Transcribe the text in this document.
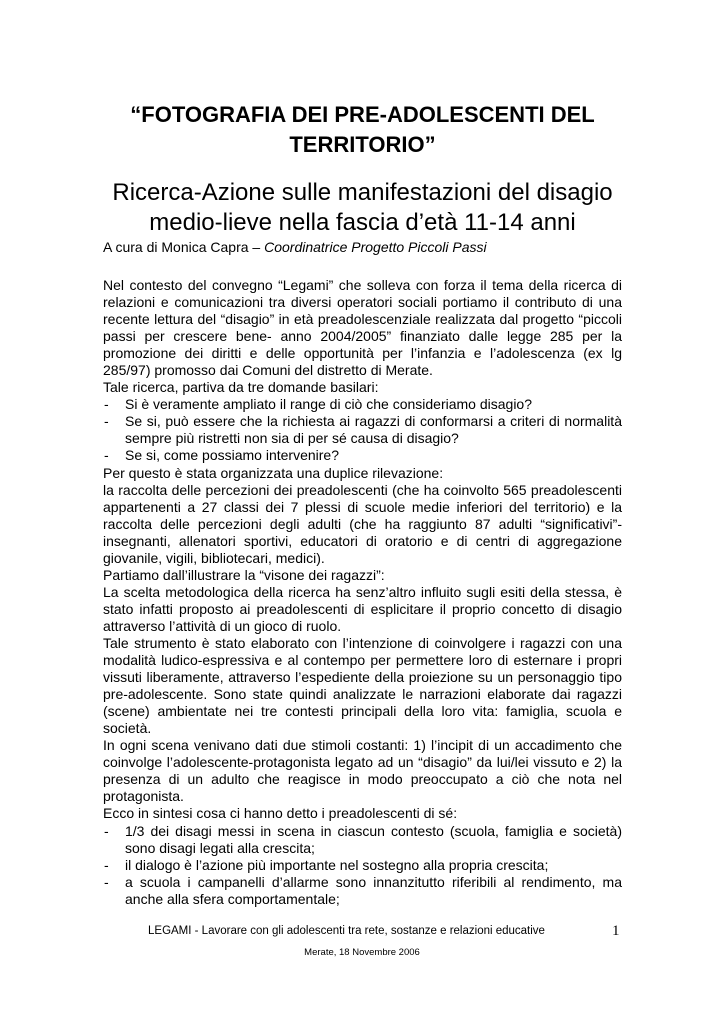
“FOTOGRAFIA DEI PRE-ADOLESCENTI DEL TERRITORIO”
Ricerca-Azione sulle manifestazioni del disagio medio-lieve nella fascia d’età 11-14 anni

A cura di Monica Capra – Coordinatrice Progetto Piccoli Passi

Nel contesto del convegno “Legami” che solleva con forza il tema della ricerca di relazioni e comunicazioni tra diversi operatori sociali portiamo il contributo di una recente lettura del “disagio” in età preadolescenziale realizzata dal progetto “piccoli passi per crescere bene- anno 2004/2005” finanziato dalle legge 285 per la promozione dei diritti e delle opportunità per l’infanzia e l’adolescenza (ex lg 285/97) promosso dai Comuni del distretto di Merate.

Tale ricerca, partiva da tre domande basilari:

- Si è veramente ampliato il range di ciò che consideriamo disagio?
- Se si, può essere che la richiesta ai ragazzi di conformarsi a criteri di normalità sempre più ristretti non sia di per sé causa di disagio?
- Se si, come possiamo intervenire?

Per questo è stata organizzata una duplice rilevazione:

la raccolta delle percezioni dei preadolescenti (che ha coinvolto 565 preadolescenti appartenenti a 27 classi dei 7 plessi di scuole medie inferiori del territorio) e la raccolta delle percezioni degli adulti (che ha raggiunto 87 adulti “significativi”- insegnanti, allenatori sportivi, educatori di oratorio e di centri di aggregazione giovanile, vigili, bibliotecari, medici).

Partiamo dall’illustrare la “visone dei ragazzi”:

La scelta metodologica della ricerca ha senz’altro influito sugli esiti della stessa, è stato infatti proposto ai preadolescenti di esplicitare il proprio concetto di disagio attraverso l’attività di un gioco di ruolo.

Tale strumento è stato elaborato con l’intenzione di coinvolgere i ragazzi con una modalità ludico-espressiva e al contempo per permettere loro di esternare i propri vissuti liberamente, attraverso l’espediente della proiezione su un personaggio tipo pre-adolescente. Sono state quindi analizzate le narrazioni elaborate dai ragazzi (scene) ambientate nei tre contesti principali della loro vita: famiglia, scuola e società.

In ogni scena venivano dati due stimoli costanti: 1) l’incipit di un accadimento che coinvolge l’adolescente-protagonista legato ad un “disagio” da lui/lei vissuto e 2) la presenza di un adulto che reagisce in modo preoccupato a ciò che nota nel protagonista.

Ecco in sintesi cosa ci hanno detto i preadolescenti di sé:

- 1/3 dei disagi messi in scena in ciascun contesto (scuola, famiglia e società) sono disagi legati alla crescita;
- il dialogo è l’azione più importante nel sostegno alla propria crescita;
- a scuola i campanelli d’allarme sono innanzitutto riferibili al rendimento, ma anche alla sfera comportamentale;
LEGAMI - Lavorare con gli adolescenti tra rete, sostanze e relazioni educative	1
Merate, 18 Novembre 2006
